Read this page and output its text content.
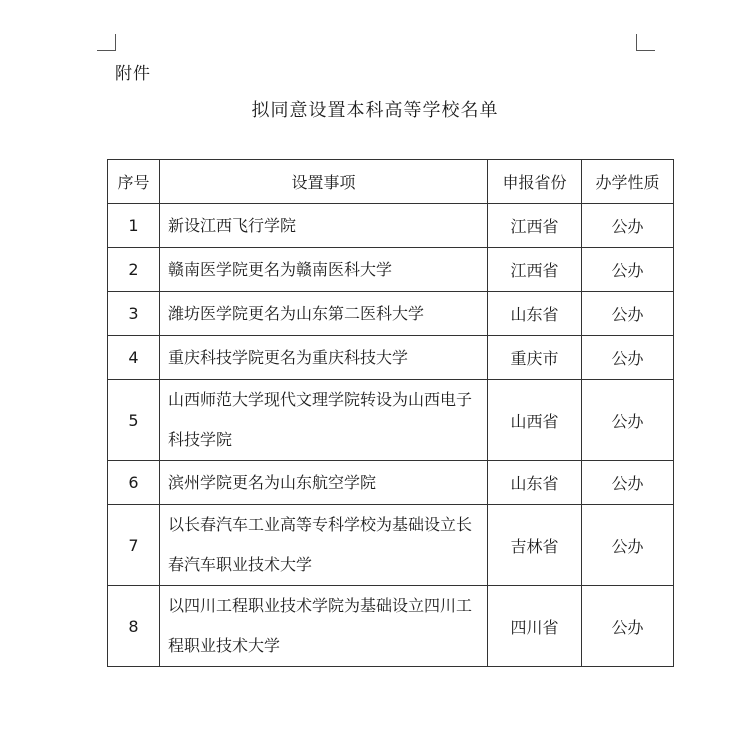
附件
拟同意设置本科高等学校名单
序号	设置事项	申报省份	办学性质
1	新设江西飞行学院	江西省	公办
2	赣南医学院更名为赣南医科大学	江西省	公办
3	潍坊医学院更名为山东第二医科大学	山东省	公办
4	重庆科技学院更名为重庆科技大学	重庆市	公办
5	山西师范大学现代文理学院转设为山西电子科技学院	山西省	公办
6	滨州学院更名为山东航空学院	山东省	公办
7	以长春汽车工业高等专科学校为基础设立长春汽车职业技术大学	吉林省	公办
8	以四川工程职业技术学院为基础设立四川工程职业技术大学	四川省	公办
